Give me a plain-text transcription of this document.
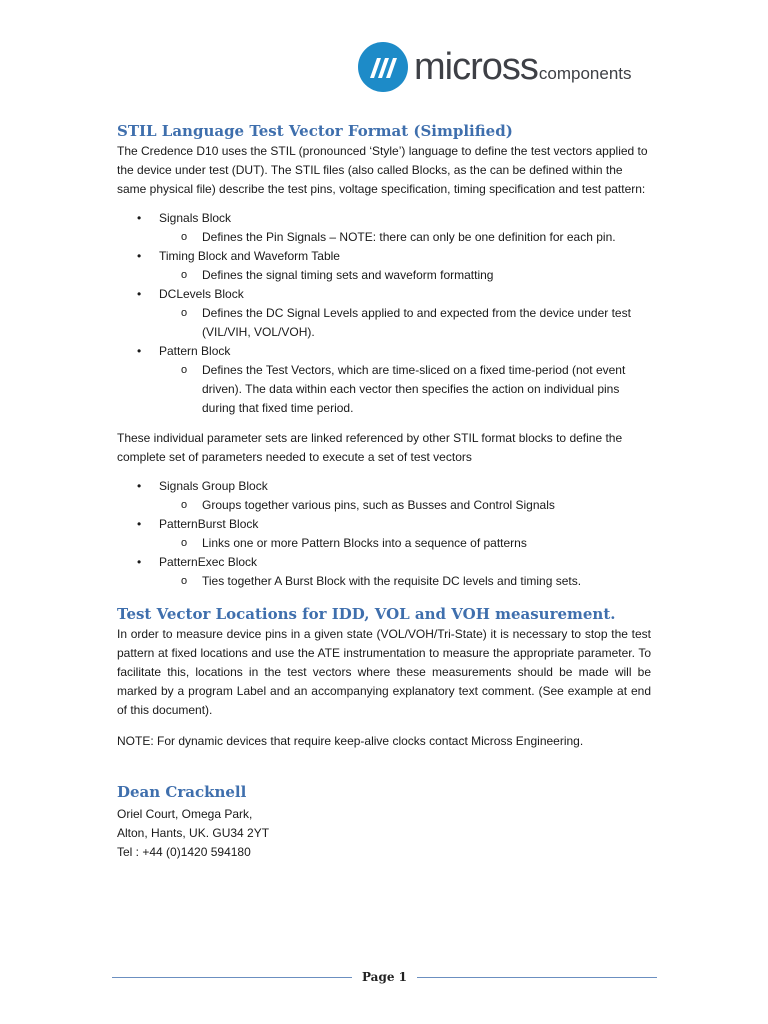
micross components
STIL Language Test Vector Format (Simplified)

The Credence D10 uses the STIL (pronounced ‘Style’) language to define the test vectors applied to the device under test (DUT). The STIL files (also called Blocks, as the can be defined within the same physical file) describe the test pins, voltage specification, timing specification and test pattern:

• Signals Block
o Defines the Pin Signals – NOTE: there can only be one definition for each pin.
• Timing Block and Waveform Table
o Defines the signal timing sets and waveform formatting
• DCLevels Block
o Defines the DC Signal Levels applied to and expected from the device under test (VIL/VIH, VOL/VOH).
• Pattern Block
o Defines the Test Vectors, which are time-sliced on a fixed time-period (not event driven). The data within each vector then specifies the action on individual pins during that fixed time period.

These individual parameter sets are linked referenced by other STIL format blocks to define the complete set of parameters needed to execute a set of test vectors

• Signals Group Block
o Groups together various pins, such as Busses and Control Signals
• PatternBurst Block
o Links one or more Pattern Blocks into a sequence of patterns
• PatternExec Block
o Ties together A Burst Block with the requisite DC levels and timing sets.
Test Vector Locations for IDD, VOL and VOH measurement.

In order to measure device pins in a given state (VOL/VOH/Tri-State) it is necessary to stop the test pattern at fixed locations and use the ATE instrumentation to measure the appropriate parameter. To facilitate this, locations in the test vectors where these measurements should be made will be marked by a program Label and an accompanying explanatory text comment. (See example at end of this document).

NOTE: For dynamic devices that require keep-alive clocks contact Micross Engineering.

Dean Cracknell

Oriel Court, Omega Park,

Alton, Hants, UK. GU34 2YT

Tel : +44 (0)1420 594180

Page 1
